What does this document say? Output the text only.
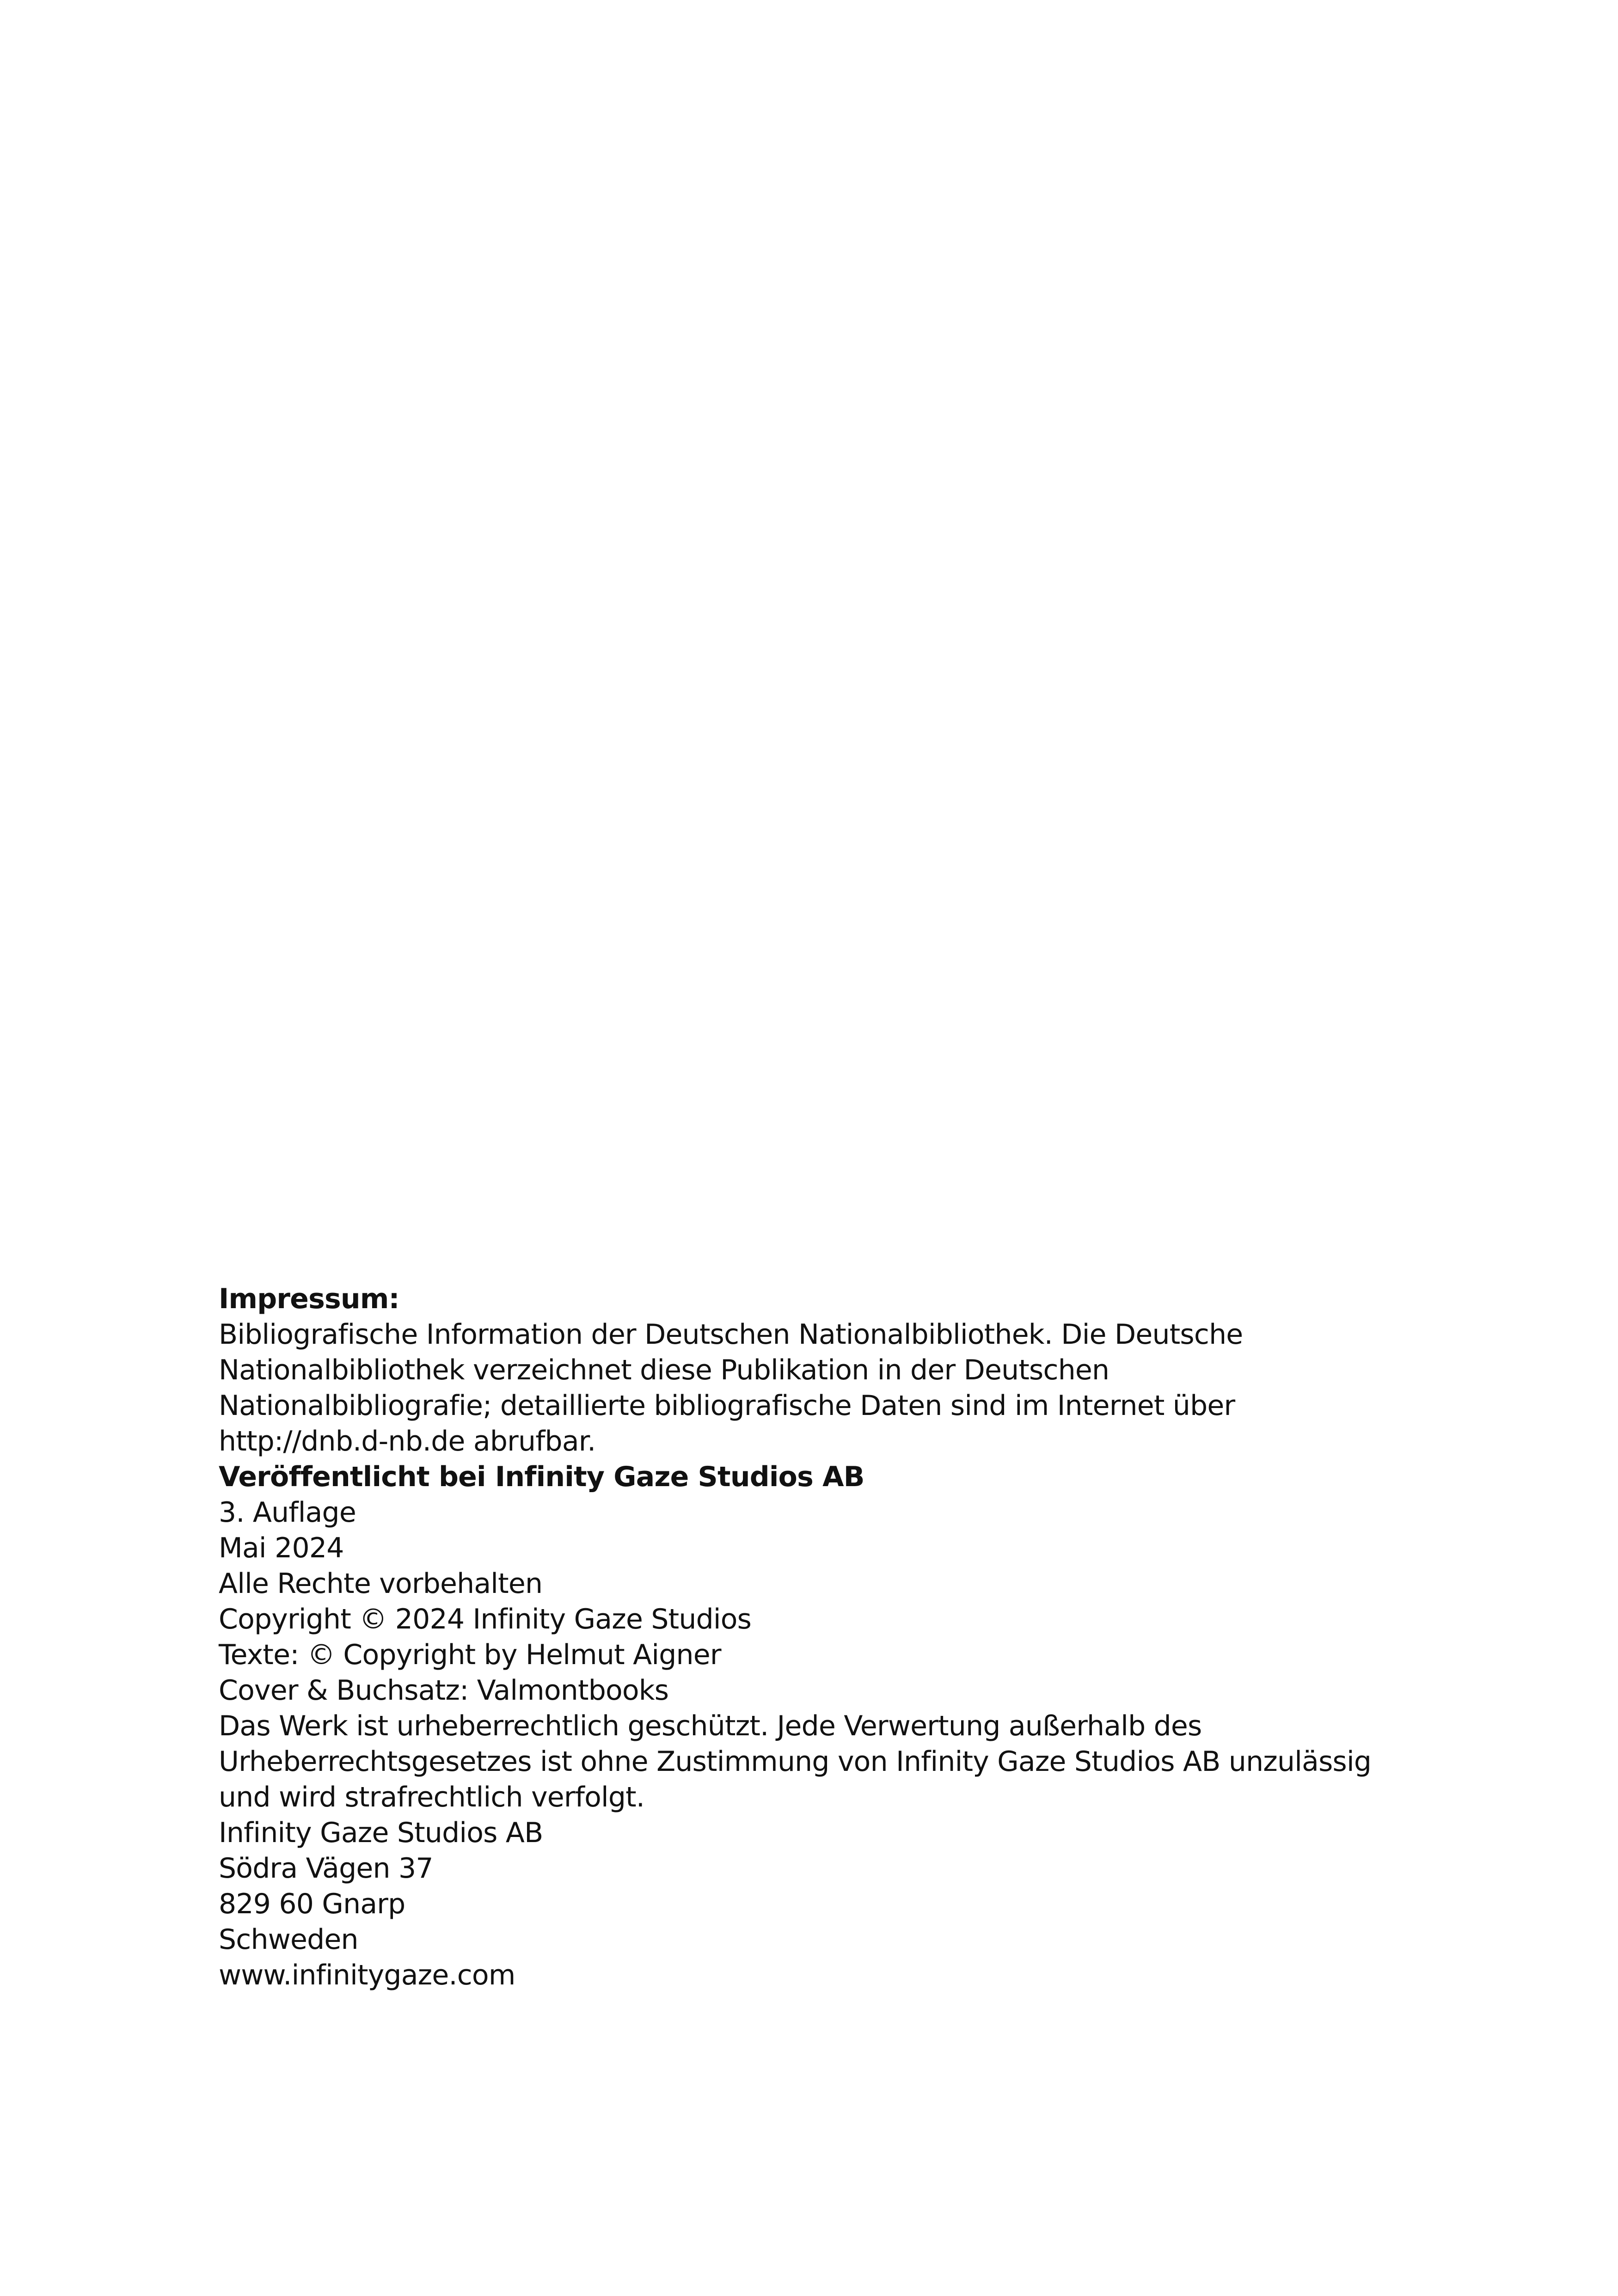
Impressum:
Bibliografische Information der Deutschen Nationalbibliothek. Die Deutsche
Nationalbibliothek verzeichnet diese Publikation in der Deutschen
Nationalbibliografie; detaillierte bibliografische Daten sind im Internet über
http://dnb.d-nb.de abrufbar.
Veröffentlicht bei Infinity Gaze Studios AB
3. Auflage
Mai 2024
Alle Rechte vorbehalten
Copyright © 2024 Infinity Gaze Studios
Texte: © Copyright by Helmut Aigner
Cover & Buchsatz: Valmontbooks
Das Werk ist urheberrechtlich geschützt. Jede Verwertung außerhalb des
Urheberrechtsgesetzes ist ohne Zustimmung von Infinity Gaze Studios AB unzulässig
und wird strafrechtlich verfolgt.
Infinity Gaze Studios AB
Södra Vägen 37
829 60 Gnarp
Schweden
www.infinitygaze.com
